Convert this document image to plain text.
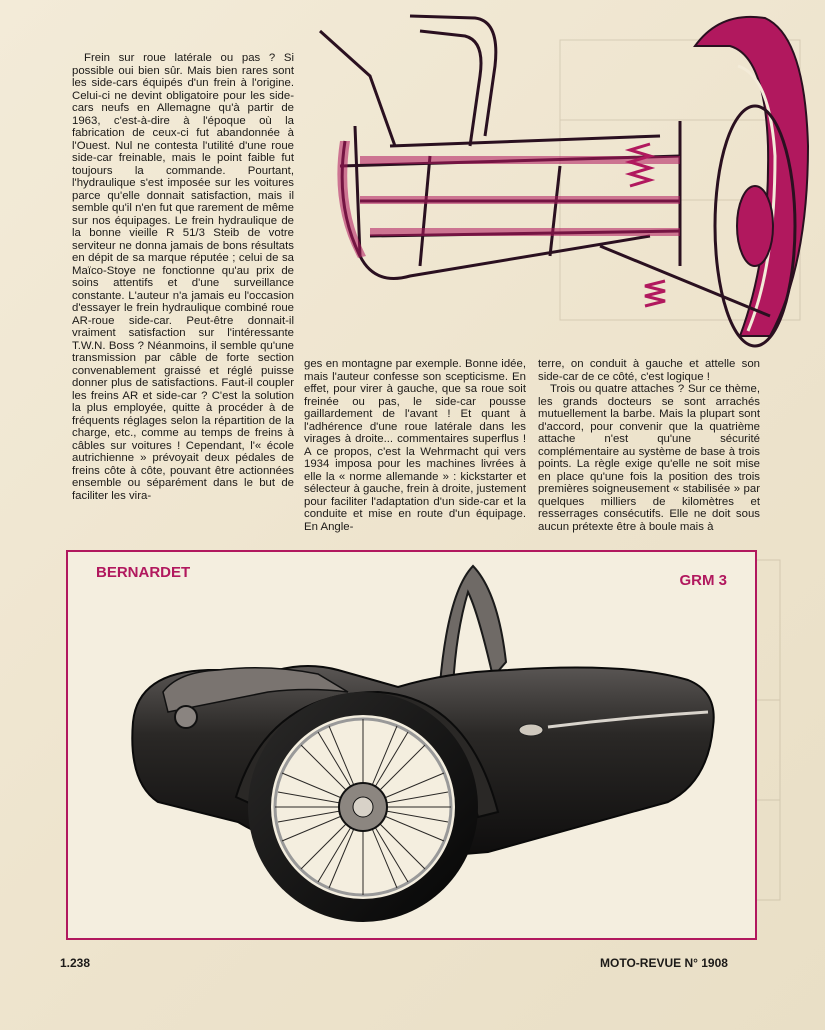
Frein sur roue latérale ou pas ? Si possible oui bien sûr. Mais bien rares sont les side-cars équipés d'un frein à l'origine. Celui-ci ne devint obligatoire pour les side-cars neufs en Allemagne qu'à partir de 1963, c'est-à-dire à l'époque où la fabrication de ceux-ci fut abandonnée à l'Ouest. Nul ne contesta l'utilité d'une roue side-car freinable, mais le point faible fut toujours la commande. Pourtant, l'hydraulique s'est imposée sur les voitures parce qu'elle donnait satisfaction, mais il semble qu'il n'en fut que rarement de même sur nos équipages. Le frein hydraulique de la bonne vieille R 51/3 Steib de votre serviteur ne donna jamais de bons résultats en dépit de sa marque réputée ; celui de sa Maïco-Stoye ne fonctionne qu'au prix de soins attentifs et d'une surveillance constante. L'auteur n'a jamais eu l'occasion d'essayer le frein hydraulique combiné roue AR-roue side-car. Peut-être donnait-il vraiment satisfaction sur l'intéressante T.W.N. Boss ? Néanmoins, il semble qu'une transmission par câble de forte section convenablement graissé et réglé puisse donner plus de satisfactions. Faut-il coupler les freins AR et side-car ? C'est la solution la plus employée, quitte à procéder à de fréquents réglages selon la répartition de la charge, etc., comme au temps de freins à câbles sur voitures ! Cependant, l'« école autrichienne » prévoyait deux pédales de freins côte à côte, pouvant être actionnées ensemble ou séparément dans le but de faciliter les vira-

ges en montagne par exemple. Bonne idée, mais l'auteur confesse son scepticisme. En effet, pour virer à gauche, que sa roue soit freinée ou pas, le side-car pousse gaillardement de l'avant ! Et quant à l'adhérence d'une roue latérale dans les virages à droite... commentaires superflus ! A ce propos, c'est la Wehrmacht qui vers 1934 imposa pour les machines livrées à elle la « norme allemande » : kickstarter et sélecteur à gauche, frein à droite, justement pour faciliter l'adaptation d'un side-car et la conduite et mise en route d'un équipage. En Angle-

terre, on conduit à gauche et attelle son side-car de ce côté, c'est logique !

Trois ou quatre attaches ? Sur ce thème, les grands docteurs se sont arrachés mutuellement la barbe. Mais la plupart sont d'accord, pour convenir que la quatrième attache n'est qu'une sécurité complémentaire au système de base à trois points. La règle exige qu'elle ne soit mise en place qu'une fois la position des trois premières soigneusement « stabilisée » par quelques milliers de kilomètres et resserrages consécutifs. Elle ne doit sous aucun prétexte être à boule mais à

BERNARDET	GRM 3
1.238	MOTO-REVUE N° 1908
